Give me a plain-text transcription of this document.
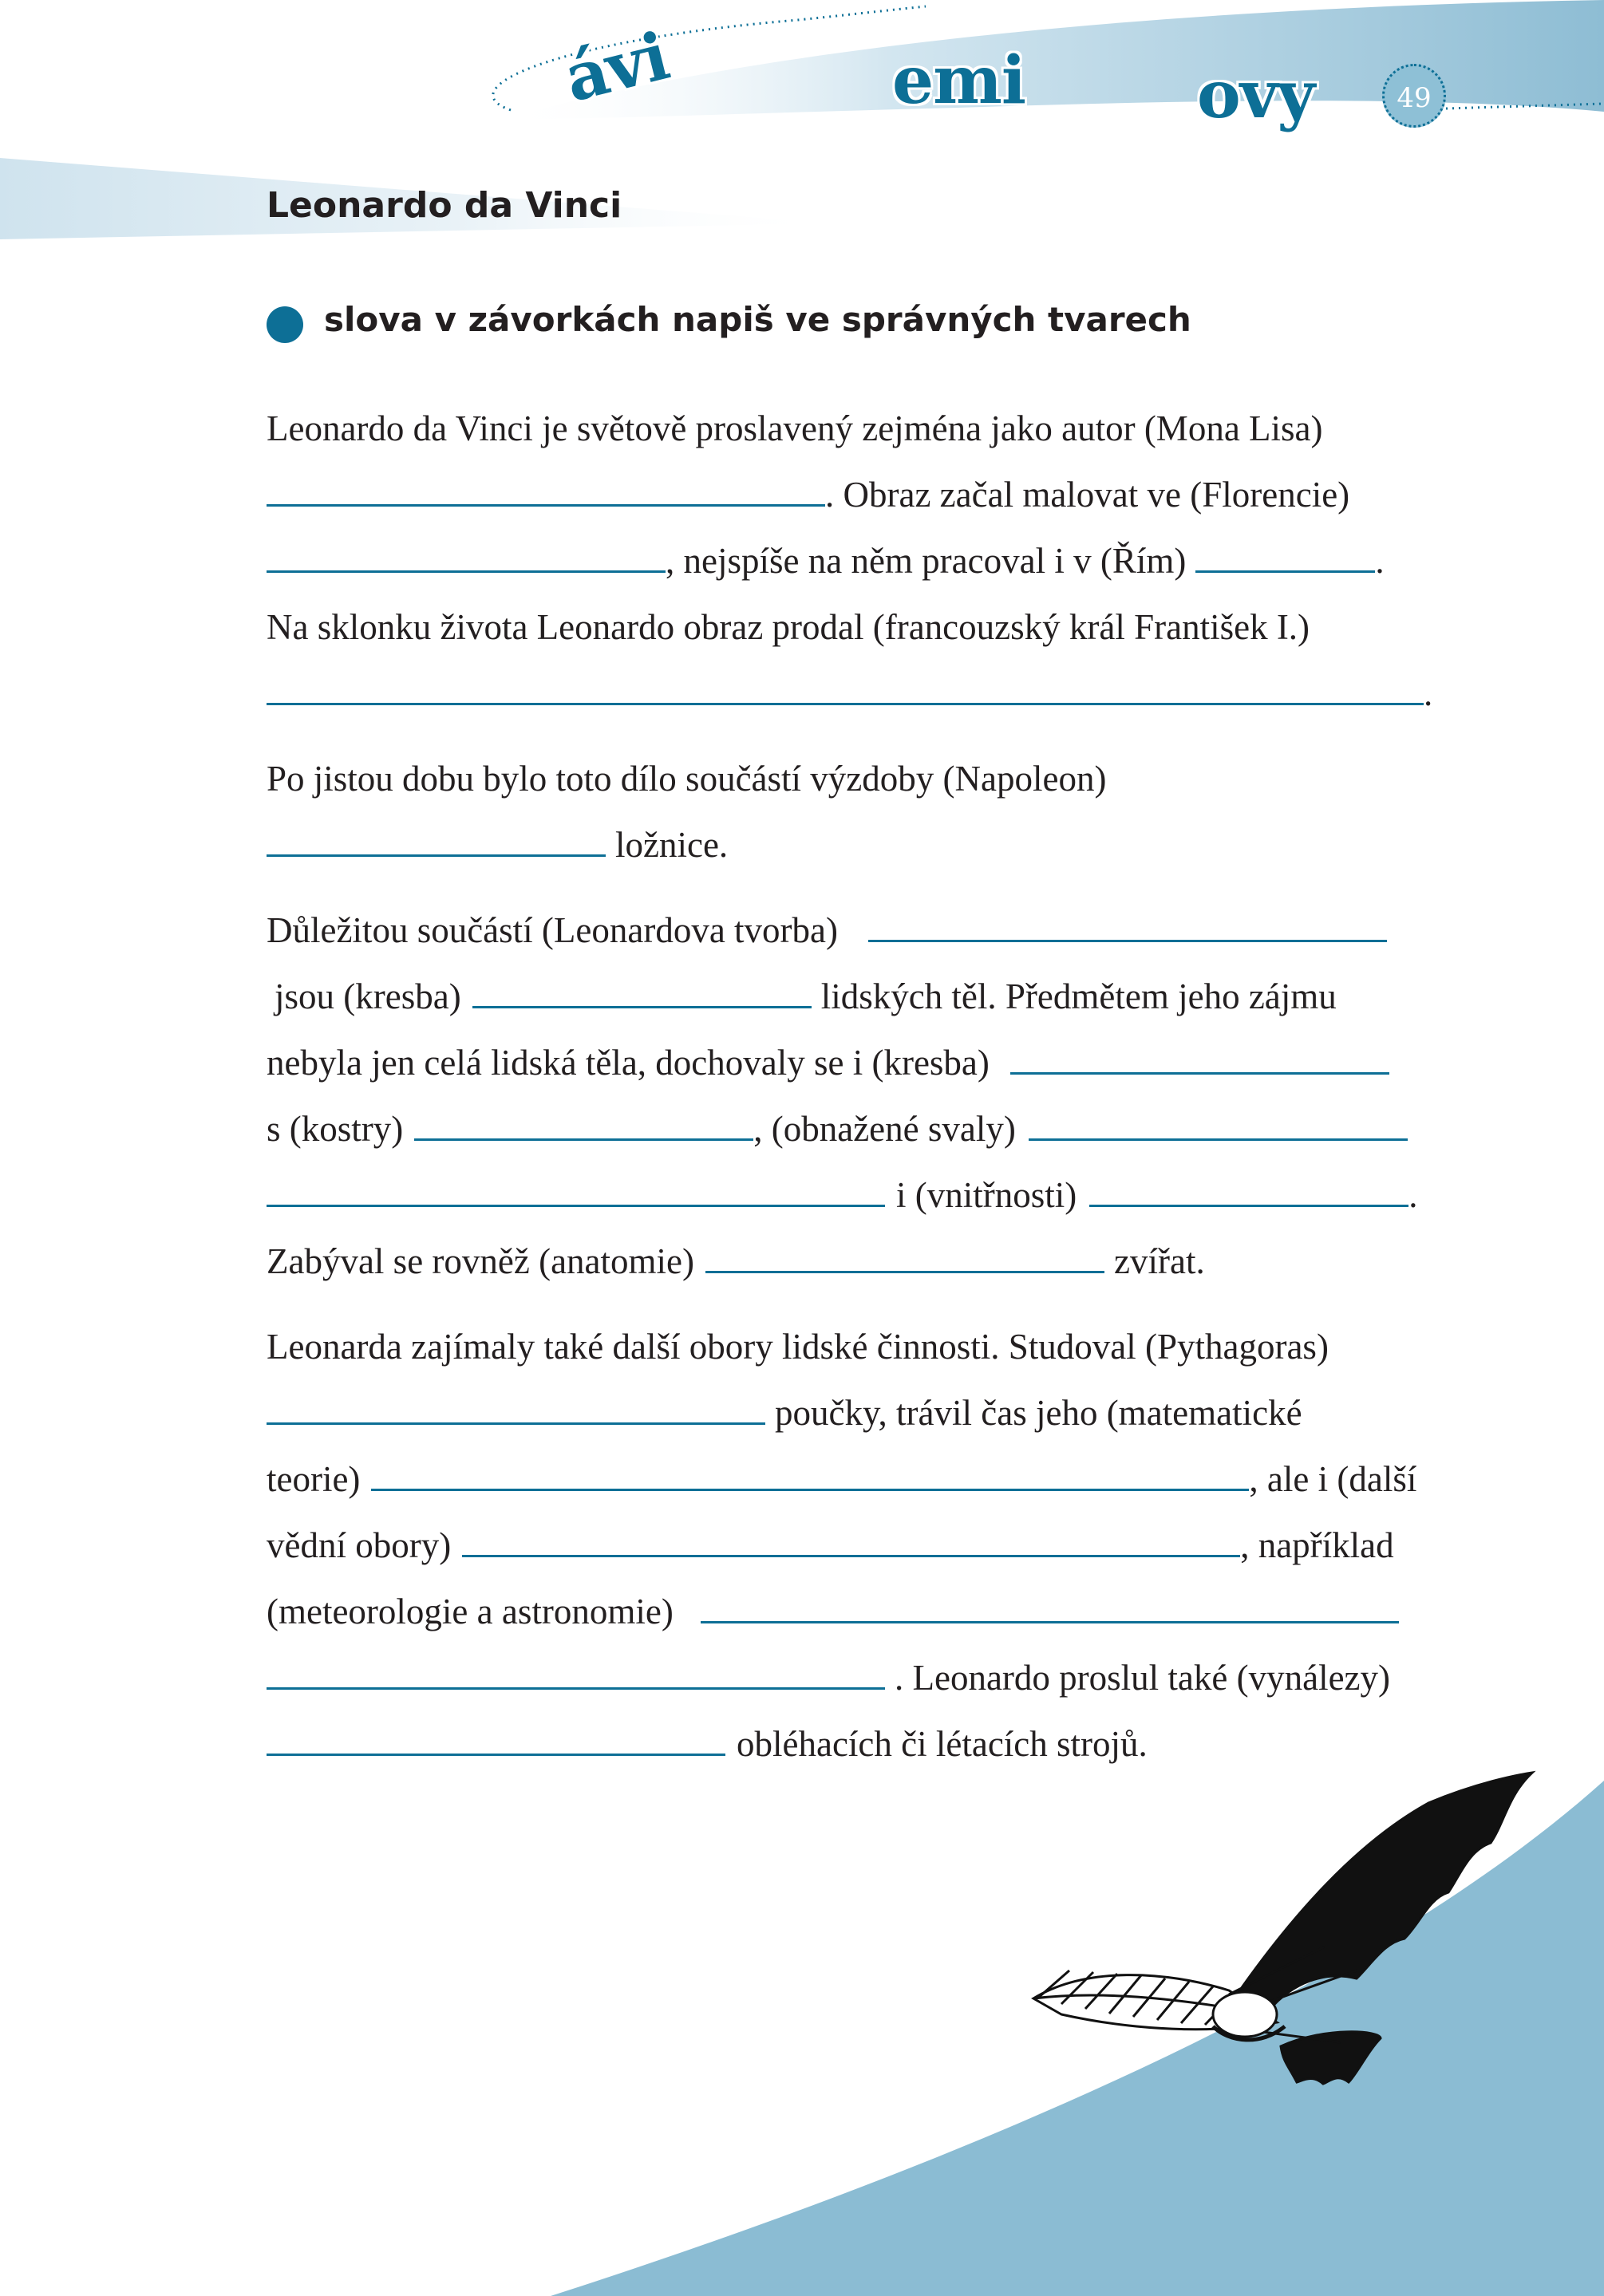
ávi	emi	ovy	49
Leonardo da Vinci
slova v závorkách napiš ve správných tvarech
Leonardo da Vinci je světově proslavený zejména jako autor (Mona Lisa)
. Obraz začal malovat ve (Florencie)
, nejspíše na něm pracoval i v (Řím)	.
Na sklonku života Leonardo obraz prodal (francouzský král František I.)
.
Po jistou dobu bylo toto dílo součástí výzdoby (Napoleon)
ložnice.
Důležitou součástí (Leonardova tvorba)
jsou (kresba)	lidských těl. Předmětem jeho zájmu
nebyla jen celá lidská těla, dochovaly se i (kresba)
s (kostry)	, (obnažené svaly)
i (vnitřnosti)	.
Zabýval se rovněž (anatomie)	zvířat.
Leonarda zajímaly také další obory lidské činnosti. Studoval (Pythagoras)
poučky, trávil čas jeho (matematické
teorie)	, ale i (další
vědní obory)	, například
(meteorologie a astronomie)
. Leonardo proslul také (vynálezy)
obléhacích či létacích strojů.
